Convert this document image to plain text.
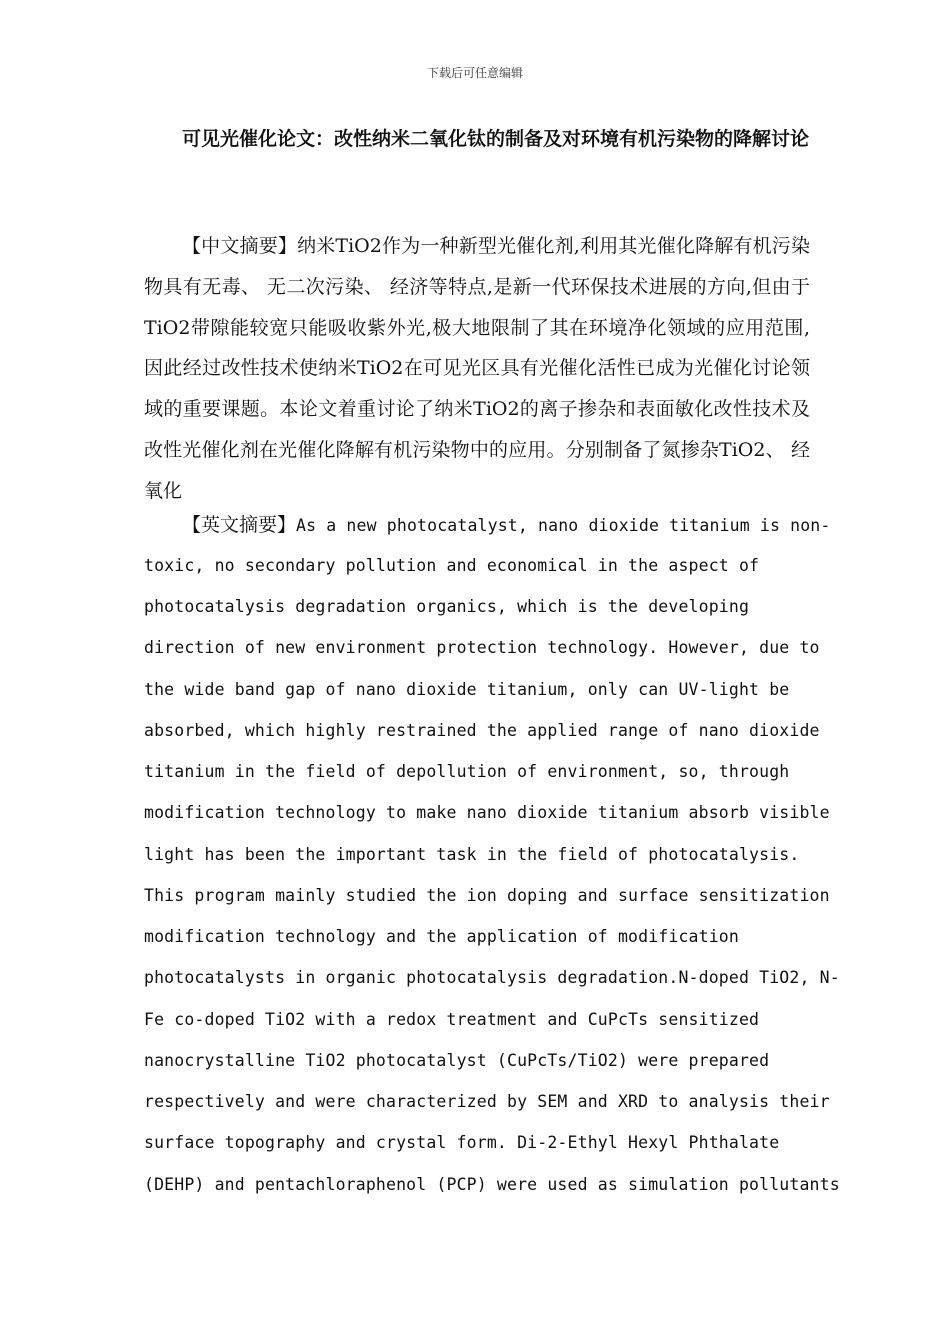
下载后可任意编辑
可见光催化论文：改性纳米二氧化钛的制备及对环境有机污染物的降解讨论
【中文摘要】纳米TiO2作为一种新型光催化剂,利用其光催化降解有机污染物具有无毒、 无二次污染、 经济等特点,是新一代环保技术进展的方向,但由于TiO2带隙能较宽只能吸收紫外光,极大地限制了其在环境净化领域的应用范围,因此经过改性技术使纳米TiO2在可见光区具有光催化活性已成为光催化讨论领域的重要课题。本论文着重讨论了纳米TiO2的离子掺杂和表面敏化改性技术及改性光催化剂在光催化降解有机污染物中的应用。分别制备了氮掺杂TiO2、 经氧化
【英文摘要】As a new photocatalyst, nano dioxide titanium is non-
toxic, no secondary pollution and economical in the aspect of
photocatalysis degradation organics, which is the developing
direction of new environment protection technology. However, due to
the wide band gap of nano dioxide titanium, only can UV-light be
absorbed, which highly restrained the applied range of nano dioxide
titanium in the field of depollution of environment, so, through
modification technology to make nano dioxide titanium absorb visible
light has been the important task in the field of photocatalysis.
This program mainly studied the ion doping and surface sensitization
modification technology and the application of modification
photocatalysts in organic photocatalysis degradation.N-doped TiO2, N-
Fe co-doped TiO2 with a redox treatment and CuPcTs sensitized
nanocrystalline TiO2 photocatalyst (CuPcTs/TiO2) were prepared
respectively and were characterized by SEM and XRD to analysis their
surface topography and crystal form. Di-2-Ethyl Hexyl Phthalate
(DEHP) and pentachloraphenol (PCP) were used as simulation pollutants
